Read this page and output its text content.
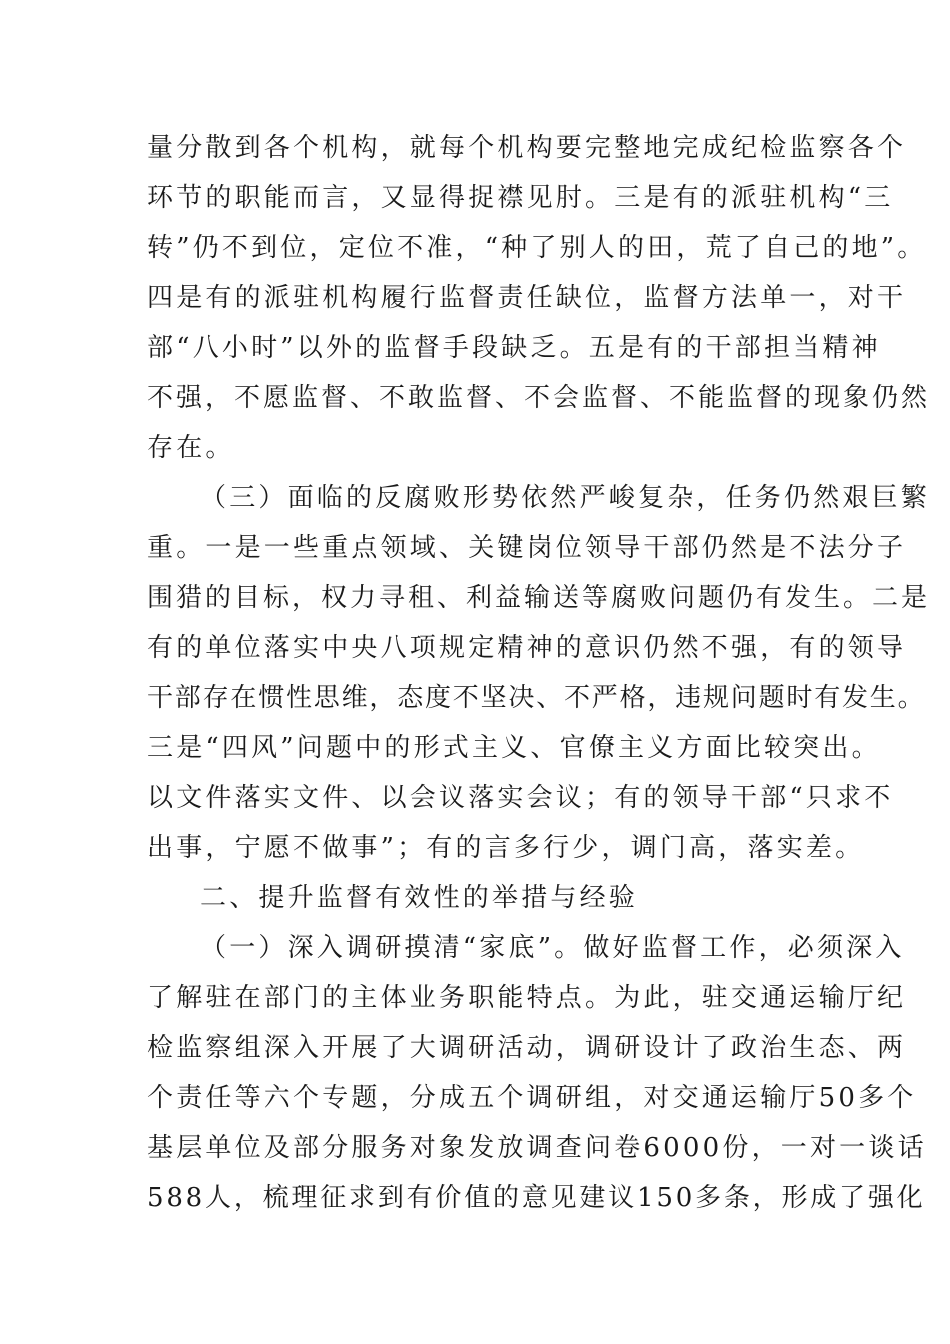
量分散到各个机构，就每个机构要完整地完成纪检监察各个
环节的职能而言，又显得捉襟见肘。三是有的派驻机构“三
转”仍不到位，定位不准，“种了别人的田，荒了自己的地”。
四是有的派驻机构履行监督责任缺位，监督方法单一，对干
部“八小时”以外的监督手段缺乏。五是有的干部担当精神
不强，不愿监督、不敢监督、不会监督、不能监督的现象仍然
存在。
（三）面临的反腐败形势依然严峻复杂，任务仍然艰巨繁
重。一是一些重点领域、关键岗位领导干部仍然是不法分子
围猎的目标，权力寻租、利益输送等腐败问题仍有发生。二是
有的单位落实中央八项规定精神的意识仍然不强，有的领导
干部存在惯性思维，态度不坚决、不严格，违规问题时有发生。
三是“四风”问题中的形式主义、官僚主义方面比较突出。
以文件落实文件、以会议落实会议；有的领导干部“只求不
出事，宁愿不做事”；有的言多行少，调门高，落实差。
二、提升监督有效性的举措与经验
（一）深入调研摸清“家底”。做好监督工作，必须深入
了解驻在部门的主体业务职能特点。为此，驻交通运输厅纪
检监察组深入开展了大调研活动，调研设计了政治生态、两
个责任等六个专题，分成五个调研组，对交通运输厅50多个
基层单位及部分服务对象发放调查问卷6000份，一对一谈话
588人，梳理征求到有价值的意见建议150多条，形成了强化
